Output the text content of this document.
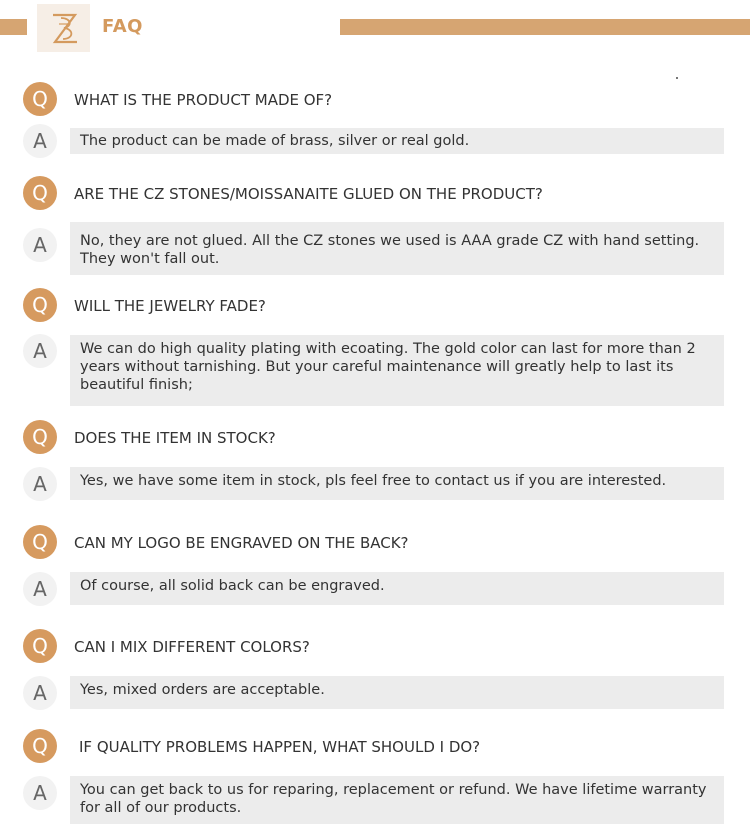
FAQ
Q	WHAT IS THE PRODUCT MADE OF?
A	The product can be made of brass, silver or real gold.
Q	ARE THE CZ STONES/MOISSANAITE GLUED ON THE PRODUCT?
A	No, they are not glued. All the CZ stones we used is AAA grade CZ with hand setting. They won't fall out.
Q	WILL THE JEWELRY FADE?
A	We can do high quality plating with ecoating. The gold color can last for more than 2 years without tarnishing. But your careful maintenance will greatly help to last its beautiful finish;
Q	DOES THE ITEM IN STOCK?
A	Yes, we have some item in stock, pls feel free to contact us if you are interested.
Q	CAN MY LOGO BE ENGRAVED ON THE BACK?
A	Of course, all solid back can be engraved.
Q	CAN I MIX DIFFERENT COLORS?
A	Yes, mixed orders are acceptable.
Q	IF QUALITY PROBLEMS HAPPEN, WHAT SHOULD I DO?
A	You can get back to us for reparing, replacement or refund. We have lifetime warranty for all of our products.
